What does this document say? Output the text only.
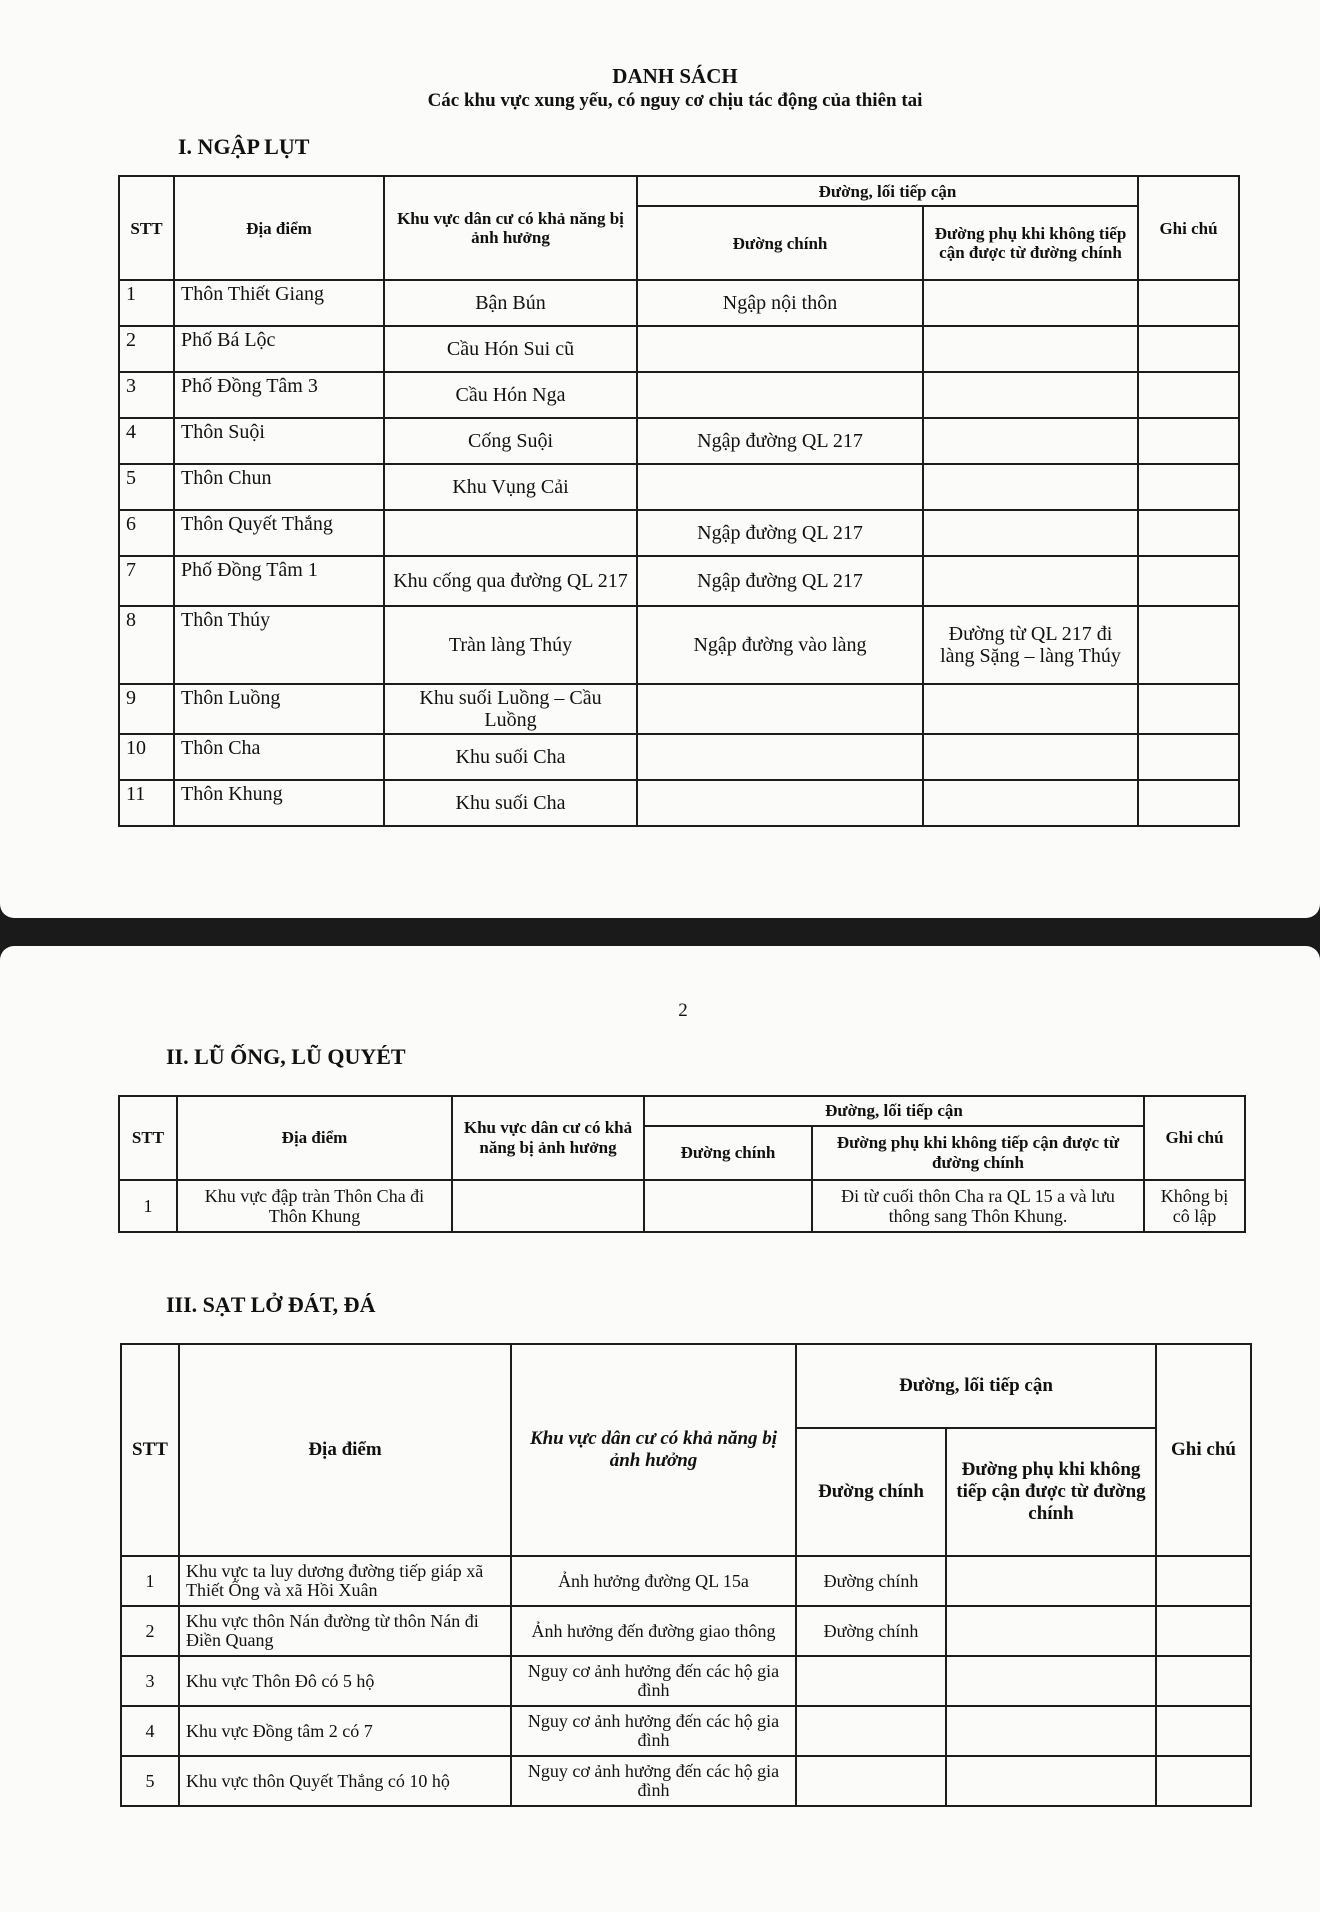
DANH SÁCH
Các khu vực xung yếu, có nguy cơ chịu tác động của thiên tai
I. NGẬP LỤT
STT	Địa điểm	Khu vực dân cư có khả năng bị ảnh hưởng	Đường, lối tiếp cận		Ghi chú
			Đường chính	Đường phụ khi không tiếp cận được từ đường chính	
1	Thôn Thiết Giang	Bận Bún	Ngập nội thôn		
2	Phố Bá Lộc	Cầu Hón Sui cũ			
3	Phố Đồng Tâm 3	Cầu Hón Nga			
4	Thôn Suội	Cống Suội	Ngập đường QL 217		
5	Thôn Chun	Khu Vụng Cải			
6	Thôn Quyết Thắng		Ngập đường QL 217		
7	Phố Đồng Tâm 1	Khu cống qua đường QL 217	Ngập đường QL 217		
8	Thôn Thúy	Tràn làng Thúy	Ngập đường vào làng	Đường từ QL 217 đi làng Sặng – làng Thúy	
9	Thôn Luồng	Khu suối Luồng – Cầu Luồng			
10	Thôn Cha	Khu suối Cha			
11	Thôn Khung	Khu suối Cha			
2
II. LŨ ỐNG, LŨ QUYÉT
STT	Địa điểm	Khu vực dân cư có khả năng bị ảnh hưởng	Đường, lối tiếp cận		Ghi chú
			Đường chính	Đường phụ khi không tiếp cận được từ đường chính	
1	Khu vực đập tràn Thôn Cha đi Thôn Khung			Đi từ cuối thôn Cha ra QL 15 a và lưu thông sang Thôn Khung.	Không bị cô lập
III. SẠT LỞ ĐÁT, ĐÁ
STT	Địa điểm	Khu vực dân cư có khả năng bị ảnh hưởng	Đường, lối tiếp cận		Ghi chú
			Đường chính	Đường phụ khi không tiếp cận được từ đường chính	
1	Khu vực ta luy dương đường tiếp giáp xã Thiết Ống và xã Hồi Xuân	Ảnh hưởng đường QL 15a	Đường chính		
2	Khu vực thôn Nán đường từ thôn Nán đi Điền Quang	Ảnh hưởng đến đường giao thông	Đường chính		
3	Khu vực Thôn Đô có 5 hộ	Nguy cơ ảnh hưởng đến các hộ gia đình			
4	Khu vực Đồng tâm 2 có 7	Nguy cơ ảnh hưởng đến các hộ gia đình			
5	Khu vực thôn Quyết Thắng có 10 hộ	Nguy cơ ảnh hưởng đến các hộ gia đình			
